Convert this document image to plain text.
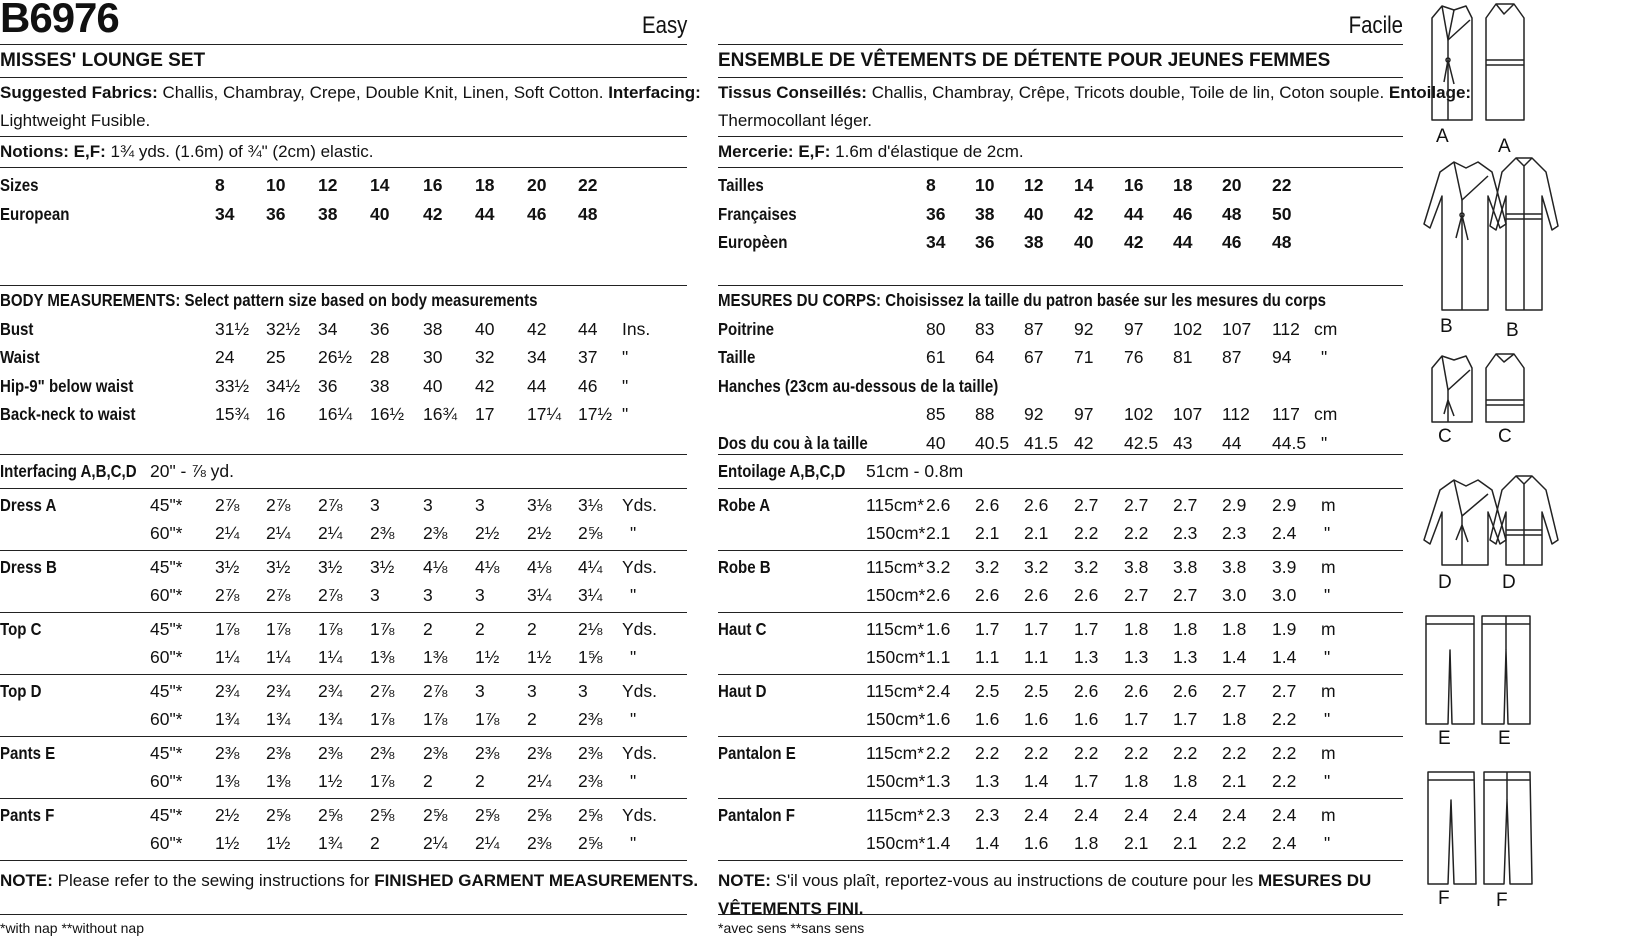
B6976	Easy
MISSES' LOUNGE SET
Suggested Fabrics: Challis, Chambray, Crepe, Double Knit, Linen, Soft Cotton. Interfacing:
Lightweight Fusible.
Notions: E,F: 1¾ yds. (1.6m) of ¾" (2cm) elastic.
Sizes	8 10 12 14 16 18 20 22
European	34 36 38 40 42 44 46 48
BODY MEASUREMENTS: Select pattern size based on body measurements
Bust	31½ 32½ 34 36 38 40 42 44 Ins.
Waist	24 25 26½ 28 30 32 34 37 "
Hip-9" below waist	33½ 34½ 36 38 40 42 44 46 "
Back-neck to waist	15¾ 16 16¼ 16½ 16¾ 17 17¼ 17½ "
Interfacing A,B,C,D 20" - ⅞ yd.
Dress A	45"* 2⅞ 2⅞ 2⅞ 3 3 3 3⅛ 3⅛ Yds.
60"* 2¼ 2¼ 2¼ 2⅜ 2⅜ 2½ 2½ 2⅝ "
Dress B	45"* 3½ 3½ 3½ 3½ 4⅛ 4⅛ 4⅛ 4¼ Yds.
60"* 2⅞ 2⅞ 2⅞ 3 3 3 3¼ 3¼ "
Top C	45"* 1⅞ 1⅞ 1⅞ 1⅞ 2 2 2 2⅛ Yds.
60"* 1¼ 1¼ 1¼ 1⅜ 1⅜ 1½ 1½ 1⅝ "
Top D	45"* 2¾ 2¾ 2¾ 2⅞ 2⅞ 3 3 3 Yds.
60"* 1¾ 1¾ 1¾ 1⅞ 1⅞ 1⅞ 2 2⅜ "
Pants E	45"* 2⅜ 2⅜ 2⅜ 2⅜ 2⅜ 2⅜ 2⅜ 2⅜ Yds.
60"* 1⅜ 1⅜ 1½ 1⅞ 2 2 2¼ 2⅜ "
Pants F	45"* 2½ 2⅝ 2⅝ 2⅝ 2⅝ 2⅝ 2⅝ 2⅝ Yds.
60"* 1½ 1½ 1¾ 2 2¼ 2¼ 2⅜ 2⅝ "
NOTE: Please refer to the sewing instructions for FINISHED GARMENT MEASUREMENTS.
*with nap **without nap
Facile
ENSEMBLE DE VÊTEMENTS DE DÉTENTE POUR JEUNES FEMMES
Tissus Conseillés: Challis, Chambray, Crêpe, Tricots double, Toile de lin, Coton souple. Entoilage:
Thermocollant léger.
Mercerie: E,F: 1.6m d'élastique de 2cm.
Tailles	8 10 12 14 16 18 20 22
Françaises	36 38 40 42 44 46 48 50
Europèen	34 36 38 40 42 44 46 48
MESURES DU CORPS: Choisissez la taille du patron basée sur les mesures du corps
Poitrine	80 83 87 92 97 102 107 112 cm
Taille	61 64 67 71 76 81 87 94 "
Hanches (23cm au-dessous de la taille)
85 88 92 97 102 107 112 117 cm
Dos du cou à la taille	40 40.5 41.5 42 42.5 43 44 44.5 "
Entoilage A,B,C,D 51cm - 0.8m
Robe A	115cm* 2.6 2.6 2.6 2.7 2.7 2.7 2.9 2.9 m
150cm* 2.1 2.1 2.1 2.2 2.2 2.3 2.3 2.4 "
Robe B	115cm* 3.2 3.2 3.2 3.2 3.8 3.8 3.8 3.9 m
150cm* 2.6 2.6 2.6 2.6 2.7 2.7 3.0 3.0 "
Haut C	115cm* 1.6 1.7 1.7 1.7 1.8 1.8 1.8 1.9 m
150cm* 1.1 1.1 1.1 1.3 1.3 1.3 1.4 1.4 "
Haut D	115cm* 2.4 2.5 2.5 2.6 2.6 2.6 2.7 2.7 m
150cm* 1.6 1.6 1.6 1.6 1.7 1.7 1.8 2.2 "
Pantalon E	115cm* 2.2 2.2 2.2 2.2 2.2 2.2 2.2 2.2 m
150cm* 1.3 1.3 1.4 1.7 1.8 1.8 2.1 2.2 "
Pantalon F	115cm* 2.3 2.3 2.4 2.4 2.4 2.4 2.4 2.4 m
150cm* 1.4 1.4 1.6 1.8 2.1 2.1 2.2 2.4 "
NOTE: S'il vous plaît, reportez-vous au instructions de couture pour les MESURES DU VÊTEMENTS FINI.
*avec sens **sans sens
A	A
B	B
C C
D	D
E E
F F
